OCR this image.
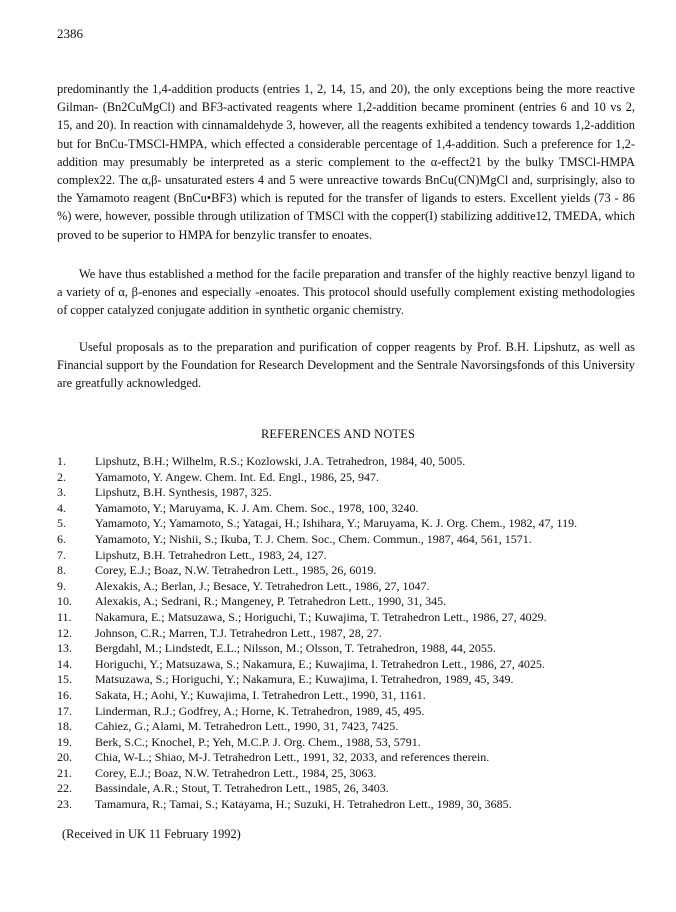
2386

predominantly the 1,4-addition products (entries 1, 2, 14, 15, and 20), the only exceptions being the more reactive Gilman- (Bn2CuMgCl) and BF3-activated reagents where 1,2-addition became prominent (entries 6 and 10 vs 2, 15, and 20). In reaction with cinnamaldehyde 3, however, all the reagents exhibited a tendency towards 1,2-addition but for BnCu-TMSCl-HMPA, which effected a considerable percentage of 1,4-addition. Such a preference for 1,2-addition may presumably be interpreted as a steric complement to the α-effect21 by the bulky TMSCl-HMPA complex22. The α,β- unsaturated esters 4 and 5 were unreactive towards BnCu(CN)MgCl and, surprisingly, also to the Yamamoto reagent (BnCu•BF3) which is reputed for the transfer of ligands to esters. Excellent yields (73 - 86 %) were, however, possible through utilization of TMSCl with the copper(I) stabilizing additive12, TMEDA, which proved to be superior to HMPA for benzylic transfer to enoates.

We have thus established a method for the facile preparation and transfer of the highly reactive benzyl ligand to a variety of α, β-enones and especially -enoates. This protocol should usefully complement existing methodologies of copper catalyzed conjugate addition in synthetic organic chemistry.

Useful proposals as to the preparation and purification of copper reagents by Prof. B.H. Lipshutz, as well as Financial support by the Foundation for Research Development and the Sentrale Navorsingsfonds of this University are greatfully acknowledged.

REFERENCES AND NOTES
1.	Lipshutz, B.H.; Wilhelm, R.S.; Kozlowski, J.A. Tetrahedron, 1984, 40, 5005.
2.	Yamamoto, Y. Angew. Chem. Int. Ed. Engl., 1986, 25, 947.
3.	Lipshutz, B.H. Synthesis, 1987, 325.
4.	Yamamoto, Y.; Maruyama, K. J. Am. Chem. Soc., 1978, 100, 3240.
5.	Yamamoto, Y.; Yamamoto, S.; Yatagai, H.; Ishihara, Y.; Maruyama, K. J. Org. Chem., 1982, 47, 119.
6.	Yamamoto, Y.; Nishii, S.; Ikuba, T. J. Chem. Soc., Chem. Commun., 1987, 464, 561, 1571.
7.	Lipshutz, B.H. Tetrahedron Lett., 1983, 24, 127.
8.	Corey, E.J.; Boaz, N.W. Tetrahedron Lett., 1985, 26, 6019.
9.	Alexakis, A.; Berlan, J.; Besace, Y. Tetrahedron Lett., 1986, 27, 1047.
10.	Alexakis, A.; Sedrani, R.; Mangeney, P. Tetrahedron Lett., 1990, 31, 345.
11.	Nakamura, E.; Matsuzawa, S.; Horiguchi, T.; Kuwajima, T. Tetrahedron Lett., 1986, 27, 4029.
12.	Johnson, C.R.; Marren, T.J. Tetrahedron Lett., 1987, 28, 27.
13.	Bergdahl, M.; Lindstedt, E.L.; Nilsson, M.; Olsson, T. Tetrahedron, 1988, 44, 2055.
14.	Horiguchi, Y.; Matsuzawa, S.; Nakamura, E.; Kuwajima, I. Tetrahedron Lett., 1986, 27, 4025.
15.	Matsuzawa, S.; Horiguchi, Y.; Nakamura, E.; Kuwajima, I. Tetrahedron, 1989, 45, 349.
16.	Sakata, H.; Aohi, Y.; Kuwajima, I. Tetrahedron Lett., 1990, 31, 1161.
17.	Linderman, R.J.; Godfrey, A.; Horne, K. Tetrahedron, 1989, 45, 495.
18.	Cahiez, G.; Alami, M. Tetrahedron Lett., 1990, 31, 7423, 7425.
19.	Berk, S.C.; Knochel, P.; Yeh, M.C.P. J. Org. Chem., 1988, 53, 5791.
20.	Chia, W-L.; Shiao, M-J. Tetrahedron Lett., 1991, 32, 2033, and references therein.
21.	Corey, E.J.; Boaz, N.W. Tetrahedron Lett., 1984, 25, 3063.
22.	Bassindale, A.R.; Stout, T. Tetrahedron Lett., 1985, 26, 3403.
23.	Tamamura, R.; Tamai, S.; Katayama, H.; Suzuki, H. Tetrahedron Lett., 1989, 30, 3685.
(Received in UK 11 February 1992)
